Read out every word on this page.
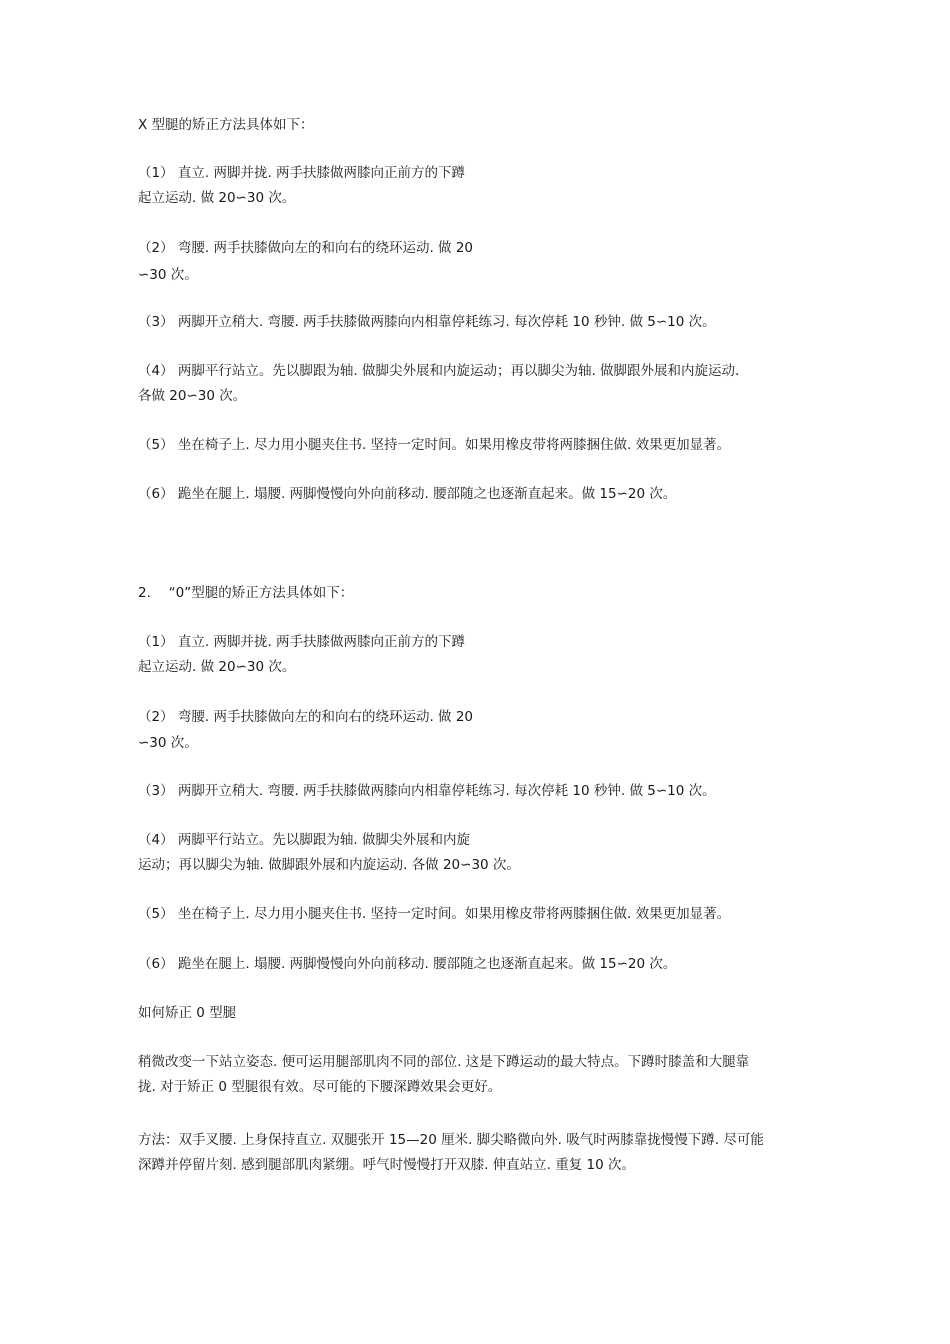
X 型腿的矫正方法具体如下：
（1） 直立. 两脚并拢. 两手扶膝做两膝向正前方的下蹲
起立运动. 做 20∽30 次。
（2） 弯腰. 两手扶膝做向左的和向右的绕环运动. 做 20
∽30 次。
（3） 两脚开立稍大. 弯腰. 两手扶膝做两膝向内相靠停耗练习. 每次停耗 10 秒钟. 做 5∽10 次。
（4） 两脚平行站立。先以脚跟为轴. 做脚尖外展和内旋运动；再以脚尖为轴. 做脚跟外展和内旋运动.
各做 20∽30 次。
（5） 坐在椅子上. 尽力用小腿夹住书. 坚持一定时间。如果用橡皮带将两膝捆住做. 效果更加显著。
（6） 跪坐在腿上. 塌腰. 两脚慢慢向外向前移动. 腰部随之也逐渐直起来。做 15∽20 次。
2.　 “0”型腿的矫正方法具体如下：
（1） 直立. 两脚并拢. 两手扶膝做两膝向正前方的下蹲
起立运动. 做 20∽30 次。
（2） 弯腰. 两手扶膝做向左的和向右的绕环运动. 做 20
∽30 次。
（3） 两脚开立稍大. 弯腰. 两手扶膝做两膝向内相靠停耗练习. 每次停耗 10 秒钟. 做 5∽10 次。
（4） 两脚平行站立。先以脚跟为轴. 做脚尖外展和内旋
运动；再以脚尖为轴. 做脚跟外展和内旋运动. 各做 20∽30 次。
（5） 坐在椅子上. 尽力用小腿夹住书. 坚持一定时间。如果用橡皮带将两膝捆住做. 效果更加显著。
（6） 跪坐在腿上. 塌腰. 两脚慢慢向外向前移动. 腰部随之也逐渐直起来。做 15∽20 次。
如何矫正 0 型腿
稍微改变一下站立姿态. 便可运用腿部肌肉不同的部位. 这是下蹲运动的最大特点。下蹲时膝盖和大腿靠
拢. 对于矫正 0 型腿很有效。尽可能的下腰深蹲效果会更好。
方法：双手叉腰. 上身保持直立. 双腿张开 15—20 厘米. 脚尖略微向外. 吸气时两膝靠拢慢慢下蹲. 尽可能
深蹲并停留片刻. 感到腿部肌肉紧绷。呼气时慢慢打开双膝. 伸直站立. 重复 10 次。
